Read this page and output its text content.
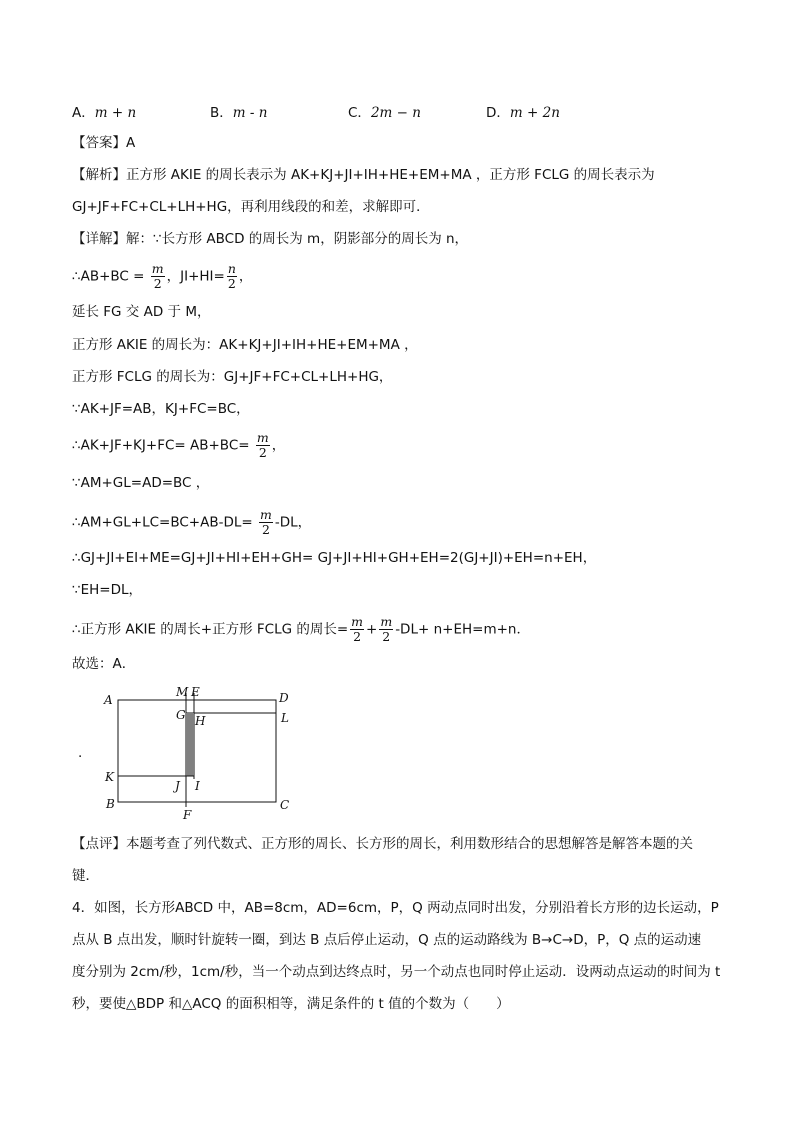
A．m + n	B．m - n	C．2m − n	D．m + 2n
【答案】A
【解析】正方形 AKIE 的周长表示为 AK+KJ+JI+IH+HE+EM+MA ，正方形 FCLG 的周长表示为
GJ+JF+FC+CL+LH+HG，再利用线段的和差，求解即可．
【详解】解：∵长方形 ABCD 的周长为 m，阴影部分的周长为 n，
∴AB+BC = $\frac{m}{2}$ ，$JI+HI= \frac{n}{2}$ ，
延长 FG 交 AD 于 M，
正方形 AKIE 的周长为：AK+KJ+JI+IH+HE+EM+MA ，
正方形 FCLG 的周长为：GJ+JF+FC+CL+LH+HG，
∵AK+JF=AB，KJ+FC=BC，
∴AK+JF+KJ+FC= $AB+BC= \frac{m}{2}$ ，
∵AM+GL=AD=BC ，
∴AM+GL+LC=BC+AB-DL= $\frac{m}{2} -DL$，
∴GJ+JI+EI+ME=GJ+JI+HI+EH+GH= GJ+JI+HI+GH+EH=2(GJ+JI)+EH=n+EH，
∵EH=DL，
∴正方形 AKIE 的周长+正方形 FCLG 的周长= $\frac{m}{2} + \frac{m}{2} -DL+ n+EH=m+n$．
故选：A．
.
A
B	C
D
M E
G H	L
K
J I
F
【点评】本题考查了列代数式、正方形的周长、长方形的周长，利用数形结合的思想解答是解答本题的关
键．
4．如图，长方形ABCD 中，AB=8cm，AD=6cm，P，Q 两动点同时出发，分别沿着长方形的边长运动，P
点从 B 点出发，顺时针旋转一圈，到达 B 点后停止运动，Q 点的运动路线为 B→C→D，P，Q 点的运动速
度分别为 2cm/秒，1cm/秒，当一个动点到达终点时，另一个动点也同时停止运动．设两动点运动的时间为 t
秒，要使△BDP 和△ACQ 的面积相等，满足条件的 t 值的个数为（　　）
